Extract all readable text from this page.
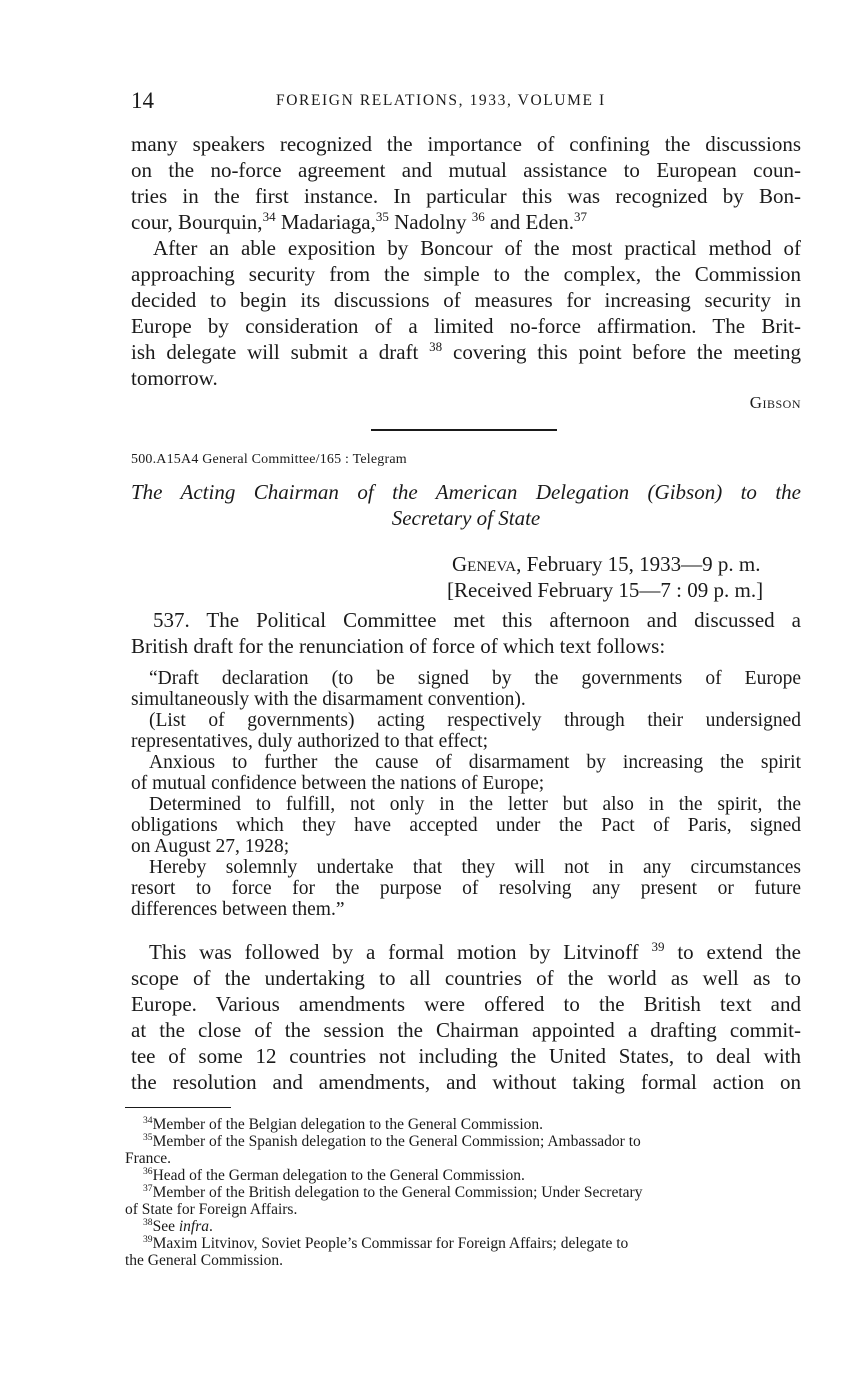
14	FOREIGN RELATIONS, 1933, VOLUME I
many speakers recognized the importance of confining the discussions
on the no-force agreement and mutual assistance to European coun-
tries in the first instance. In particular this was recognized by Bon-
cour, Bourquin,$^{34}$ Madariaga,$^{35}$ Nadolny $^{36}$ and Eden.$^{37}$
After an able exposition by Boncour of the most practical method of
approaching security from the simple to the complex, the Commission
decided to begin its discussions of measures for increasing security in
Europe by consideration of a limited no-force affirmation. The Brit-
ish delegate will submit a draft $^{38}$ covering this point before the meeting
tomorrow.
Gibson
500.A15A4 General Committee/165 : Telegram
The Acting Chairman of the American Delegation (Gibson) to the
Secretary of State
Geneva, February 15, 1933—9 p. m.
[Received February 15—7 : 09 p. m.]
537. The Political Committee met this afternoon and discussed a
British draft for the renunciation of force of which text follows:
“Draft declaration (to be signed by the governments of Europe
simultaneously with the disarmament convention).
(List of governments) acting respectively through their undersigned
representatives, duly authorized to that effect;
Anxious to further the cause of disarmament by increasing the spirit
of mutual confidence between the nations of Europe;
Determined to fulfill, not only in the letter but also in the spirit, the
obligations which they have accepted under the Pact of Paris, signed
on August 27, 1928;
Hereby solemnly undertake that they will not in any circumstances
resort to force for the purpose of resolving any present or future
differences between them.”
This was followed by a formal motion by Litvinoff $^{39}$ to extend the
scope of the undertaking to all countries of the world as well as to
Europe. Various amendments were offered to the British text and
at the close of the session the Chairman appointed a drafting commit-
tee of some 12 countries not including the United States, to deal with
the resolution and amendments, and without taking formal action on
$^{34}$Member of the Belgian delegation to the General Commission.
$^{35}$Member of the Spanish delegation to the General Commission; Ambassador to
France.
$^{36}$Head of the German delegation to the General Commission.
$^{37}$Member of the British delegation to the General Commission; Under Secretary
of State for Foreign Affairs.
$^{38}$See infra.
$^{39}$Maxim Litvinov, Soviet People’s Commissar for Foreign Affairs; delegate to
the General Commission.
